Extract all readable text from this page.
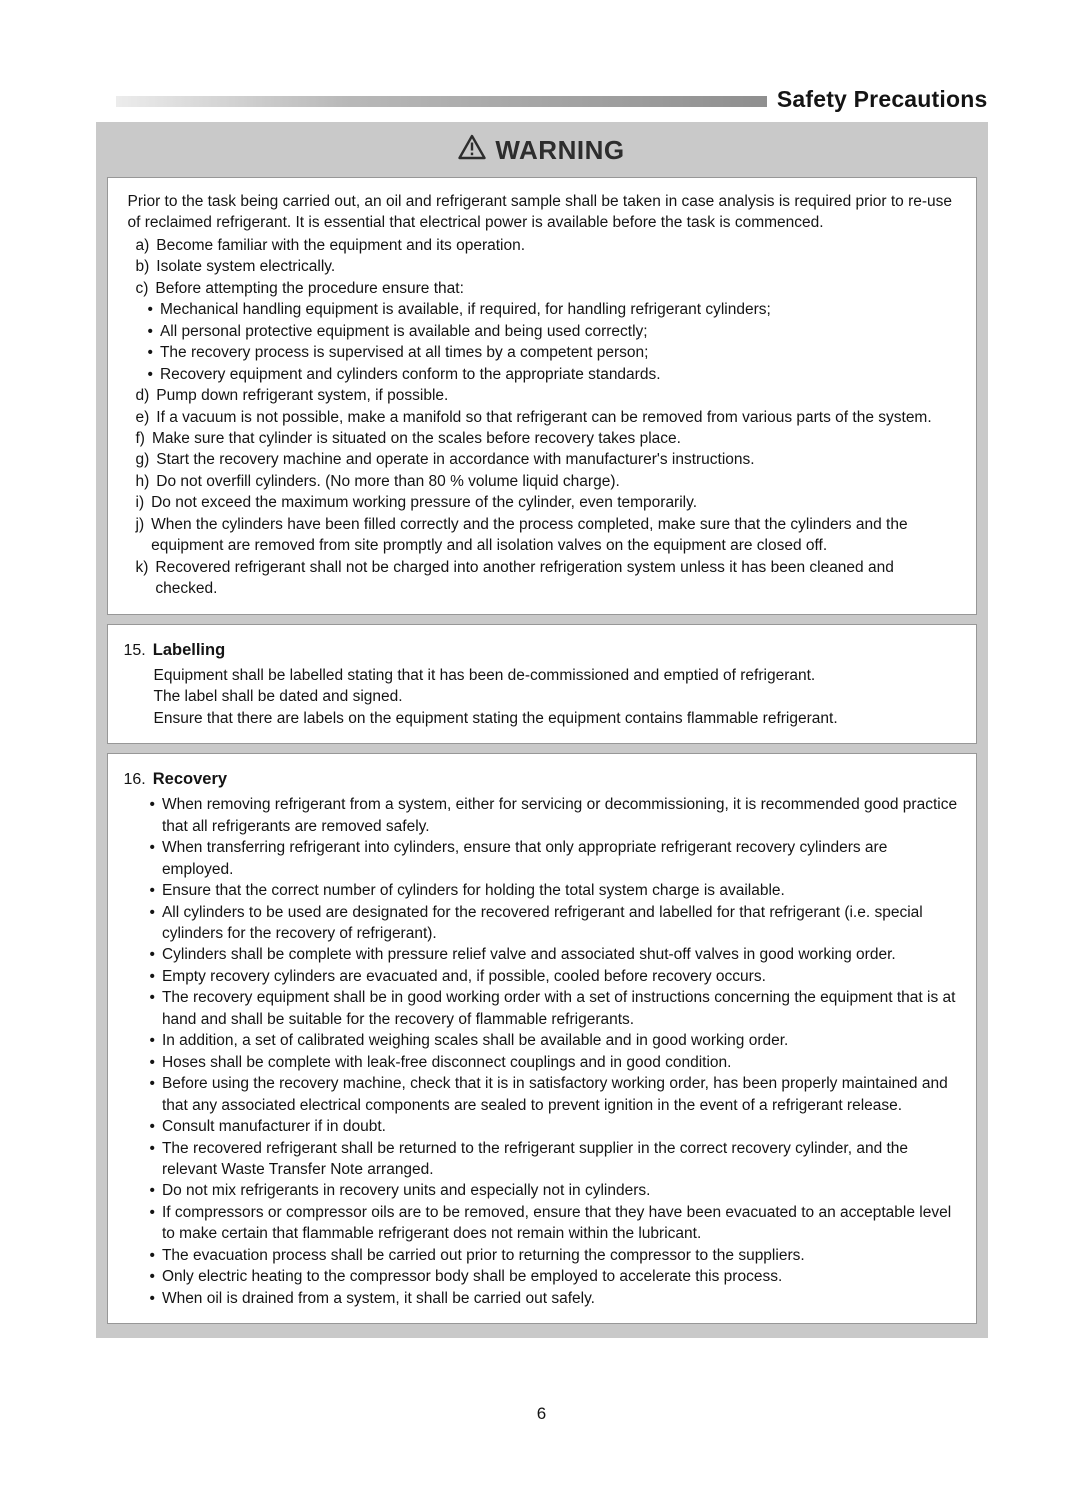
Safety Precautions
WARNING

Prior to the task being carried out, an oil and refrigerant sample shall be taken in case analysis is required prior to re-use of reclaimed refrigerant. It is essential that electrical power is available before the task is commenced.

a) Become familiar with the equipment and its operation.
b) Isolate system electrically.
c) Before attempting the procedure ensure that:
• Mechanical handling equipment is available, if required, for handling refrigerant cylinders;
• All personal protective equipment is available and being used correctly;
• The recovery process is supervised at all times by a competent person;
• Recovery equipment and cylinders conform to the appropriate standards.
d) Pump down refrigerant system, if possible.
e) If a vacuum is not possible, make a manifold so that refrigerant can be removed from various parts of the system.
f) Make sure that cylinder is situated on the scales before recovery takes place.
g) Start the recovery machine and operate in accordance with manufacturer's instructions.
h) Do not overfill cylinders. (No more than 80 % volume liquid charge).
i) Do not exceed the maximum working pressure of the cylinder, even temporarily.
j) When the cylinders have been filled correctly and the process completed, make sure that the cylinders and the equipment are removed from site promptly and all isolation valves on the equipment are closed off.
k) Recovered refrigerant shall not be charged into another refrigeration system unless it has been cleaned and checked.
15. Labelling

Equipment shall be labelled stating that it has been de-commissioned and emptied of refrigerant.

The label shall be dated and signed.

Ensure that there are labels on the equipment stating the equipment contains flammable refrigerant.

16. Recovery
• When removing refrigerant from a system, either for servicing or decommissioning, it is recommended good practice that all refrigerants are removed safely.
• When transferring refrigerant into cylinders, ensure that only appropriate refrigerant recovery cylinders are employed.
• Ensure that the correct number of cylinders for holding the total system charge is available.
• All cylinders to be used are designated for the recovered refrigerant and labelled for that refrigerant (i.e. special cylinders for the recovery of refrigerant).
• Cylinders shall be complete with pressure relief valve and associated shut-off valves in good working order.
• Empty recovery cylinders are evacuated and, if possible, cooled before recovery occurs.
• The recovery equipment shall be in good working order with a set of instructions concerning the equipment that is at hand and shall be suitable for the recovery of flammable refrigerants.
• In addition, a set of calibrated weighing scales shall be available and in good working order.
• Hoses shall be complete with leak-free disconnect couplings and in good condition.
• Before using the recovery machine, check that it is in satisfactory working order, has been properly maintained and that any associated electrical components are sealed to prevent ignition in the event of a refrigerant release.
• Consult manufacturer if in doubt.
• The recovered refrigerant shall be returned to the refrigerant supplier in the correct recovery cylinder, and the relevant Waste Transfer Note arranged.
• Do not mix refrigerants in recovery units and especially not in cylinders.
• If compressors or compressor oils are to be removed, ensure that they have been evacuated to an acceptable level to make certain that flammable refrigerant does not remain within the lubricant.
• The evacuation process shall be carried out prior to returning the compressor to the suppliers.
• Only electric heating to the compressor body shall be employed to accelerate this process.
• When oil is drained from a system, it shall be carried out safely.
6
